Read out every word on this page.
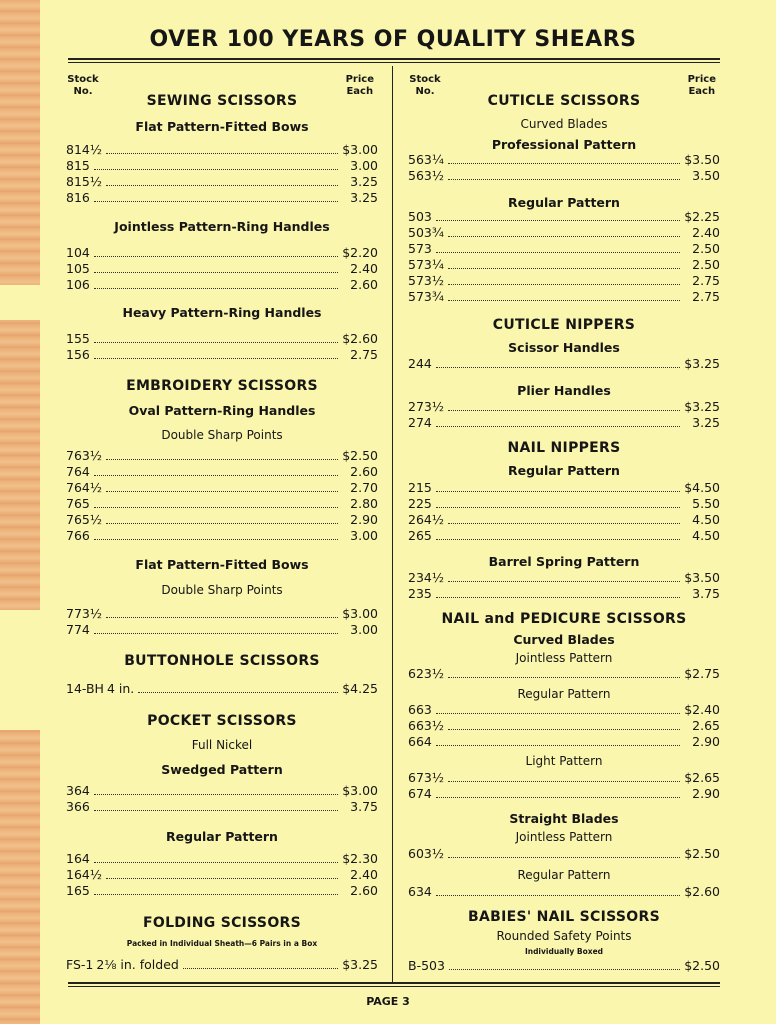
OVER 100 YEARS OF QUALITY SHEARS
Stock
No.
Price
Each
SEWING SCISSORS
Flat Pattern-Fitted Bows
814½	$3.00
815	3.00
815½	3.25
816	3.25
Jointless Pattern-Ring Handles
104	$2.20
105	2.40
106	2.60
Heavy Pattern-Ring Handles
155	$2.60
156	2.75
EMBROIDERY SCISSORS
Oval Pattern-Ring Handles
Double Sharp Points
763½	$2.50
764	2.60
764½	2.70
765	2.80
765½	2.90
766	3.00
Flat Pattern-Fitted Bows
Double Sharp Points
773½	$3.00
774	3.00
BUTTONHOLE SCISSORS
14-BH 4 in.	$4.25
POCKET SCISSORS
Full Nickel
Swedged Pattern
364	$3.00
366	3.75
Regular Pattern
164	$2.30
164½	2.40
165	2.60
FOLDING SCISSORS
Packed in Individual Sheath—6 Pairs in a Box
FS-1 2⅛ in. folded	$3.25
Stock
No.
Price
Each
CUTICLE SCISSORS
Curved Blades
Professional Pattern
563¼	$3.50
563½	3.50
Regular Pattern
503	$2.25
503¾	2.40
573	2.50
573¼	2.50
573½	2.75
573¾	2.75
CUTICLE NIPPERS
Scissor Handles
244	$3.25
Plier Handles
273½	$3.25
274	3.25
NAIL NIPPERS
Regular Pattern
215	$4.50
225	5.50
264½	4.50
265	4.50
Barrel Spring Pattern
234½	$3.50
235	3.75
NAIL and PEDICURE SCISSORS
Curved Blades
Jointless Pattern
623½	$2.75
Regular Pattern
663	$2.40
663½	2.65
664	2.90
Light Pattern
673½	$2.65
674	2.90
Straight Blades
Jointless Pattern
603½	$2.50
Regular Pattern
634	$2.60
BABIES' NAIL SCISSORS
Rounded Safety Points
Individually Boxed
B-503	$2.50
PAGE 3
